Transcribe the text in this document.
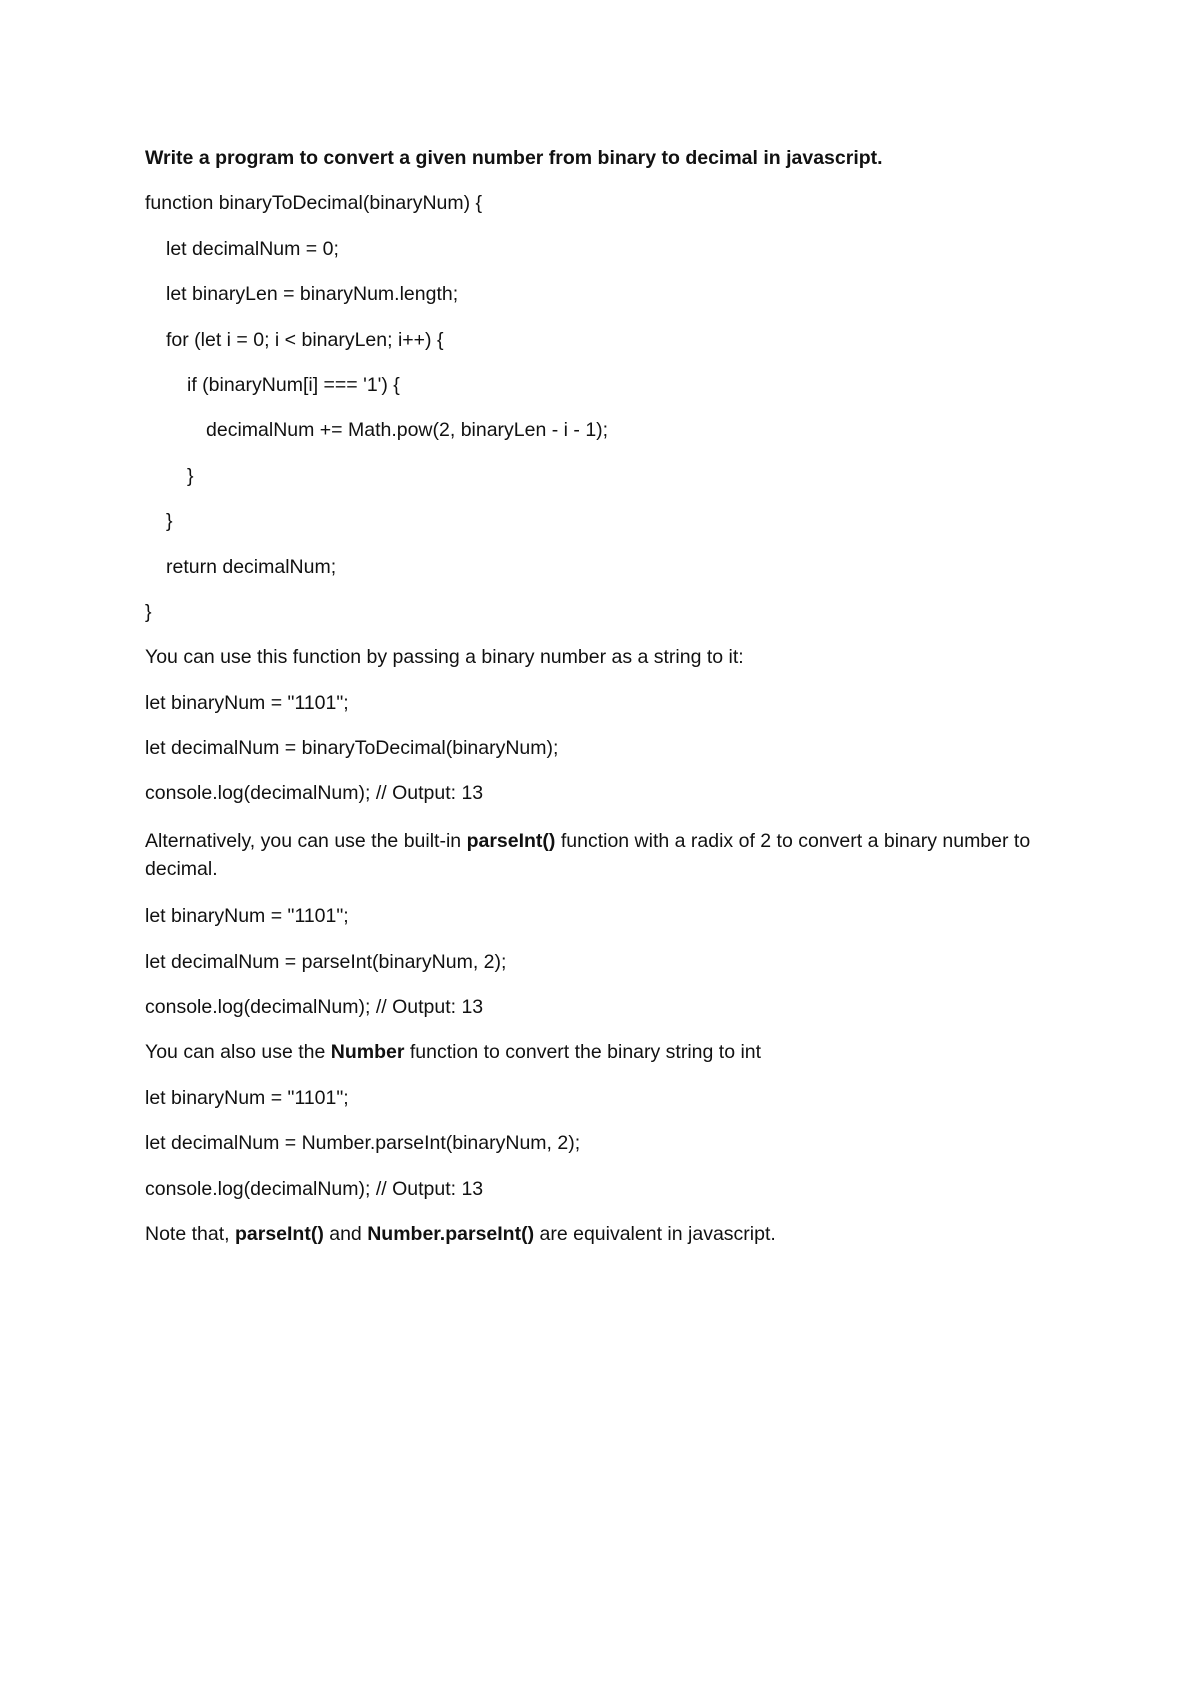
Write a program to convert a given number from binary to decimal in javascript.
function binaryToDecimal(binaryNum) {
let decimalNum = 0;
let binaryLen = binaryNum.length;
for (let i = 0; i < binaryLen; i++) {
if (binaryNum[i] === '1') {
decimalNum += Math.pow(2, binaryLen - i - 1);
}
}
return decimalNum;
}
You can use this function by passing a binary number as a string to it:
let binaryNum = "1101";
let decimalNum = binaryToDecimal(binaryNum);
console.log(decimalNum); // Output: 13
Alternatively, you can use the built-in parseInt() function with a radix of 2 to convert a binary number to decimal.
let binaryNum = "1101";
let decimalNum = parseInt(binaryNum, 2);
console.log(decimalNum); // Output: 13
You can also use the Number function to convert the binary string to int
let binaryNum = "1101";
let decimalNum = Number.parseInt(binaryNum, 2);
console.log(decimalNum); // Output: 13
Note that, parseInt() and Number.parseInt() are equivalent in javascript.
